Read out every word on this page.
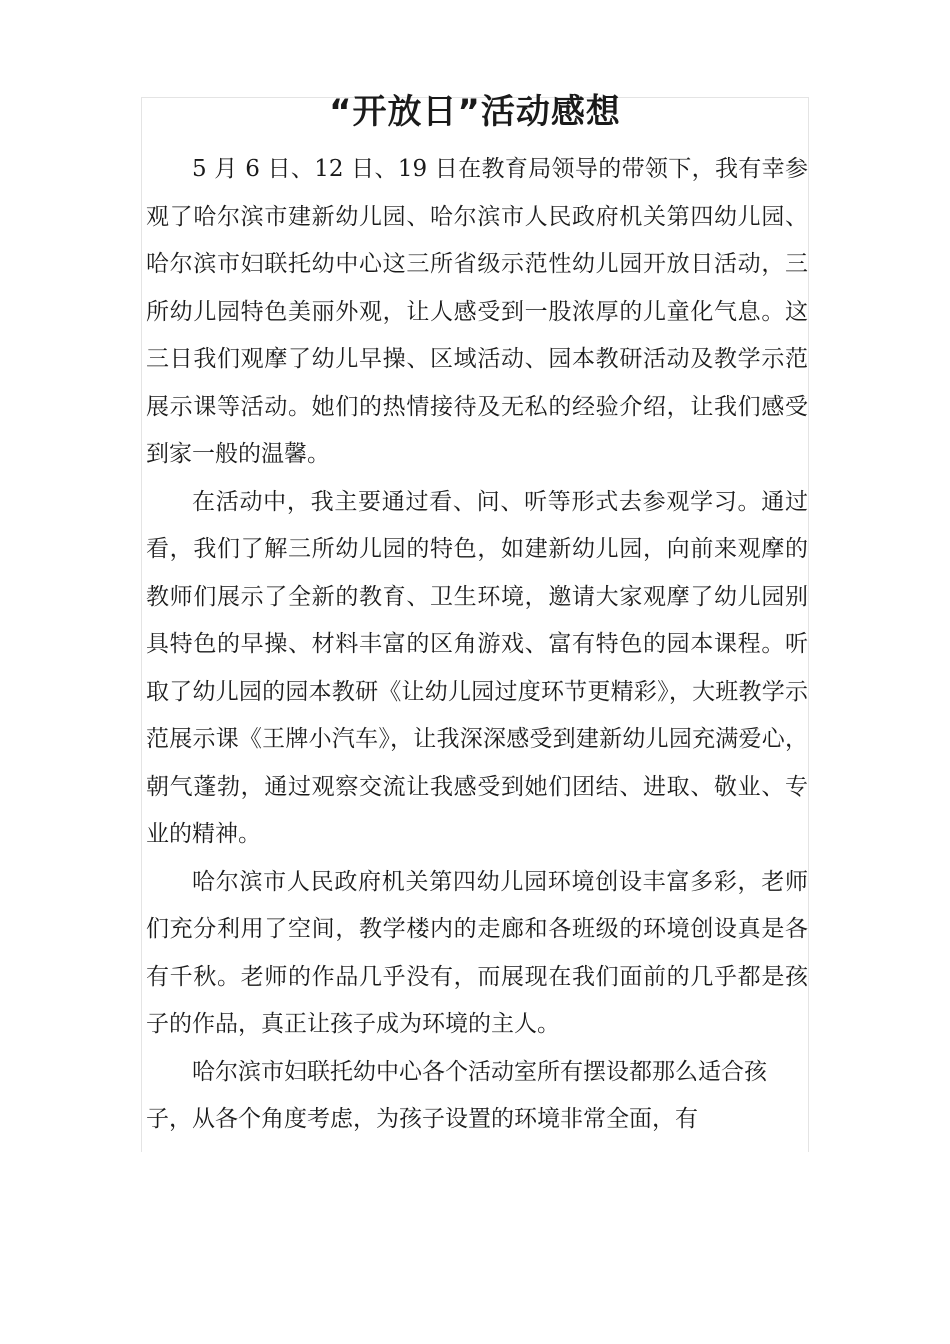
“开放日”活动感想

5 月 6 日、12 日、19 日在教育局领导的带领下，我有幸参观了哈尔滨市建新幼儿园、哈尔滨市人民政府机关第四幼儿园、哈尔滨市妇联托幼中心这三所省级示范性幼儿园开放日活动，三所幼儿园特色美丽外观，让人感受到一股浓厚的儿童化气息。这三日我们观摩了幼儿早操、区域活动、园本教研活动及教学示范展示课等活动。她们的热情接待及无私的经验介绍，让我们感受到家一般的温馨。

在活动中，我主要通过看、问、听等形式去参观学习。通过看，我们了解三所幼儿园的特色，如建新幼儿园，向前来观摩的教师们展示了全新的教育、卫生环境，邀请大家观摩了幼儿园别具特色的早操、材料丰富的区角游戏、富有特色的园本课程。听取了幼儿园的园本教研《让幼儿园过度环节更精彩》，大班教学示范展示课《王牌小汽车》，让我深深感受到建新幼儿园充满爱心，朝气蓬勃，通过观察交流让我感受到她们团结、进取、敬业、专业的精神。

哈尔滨市人民政府机关第四幼儿园环境创设丰富多彩，老师们充分利用了空间，教学楼内的走廊和各班级的环境创设真是各有千秋。老师的作品几乎没有，而展现在我们面前的几乎都是孩子的作品，真正让孩子成为环境的主人。

哈尔滨市妇联托幼中心各个活动室所有摆设都那么适合孩子，从各个角度考虑，为孩子设置的环境非常全面，有
